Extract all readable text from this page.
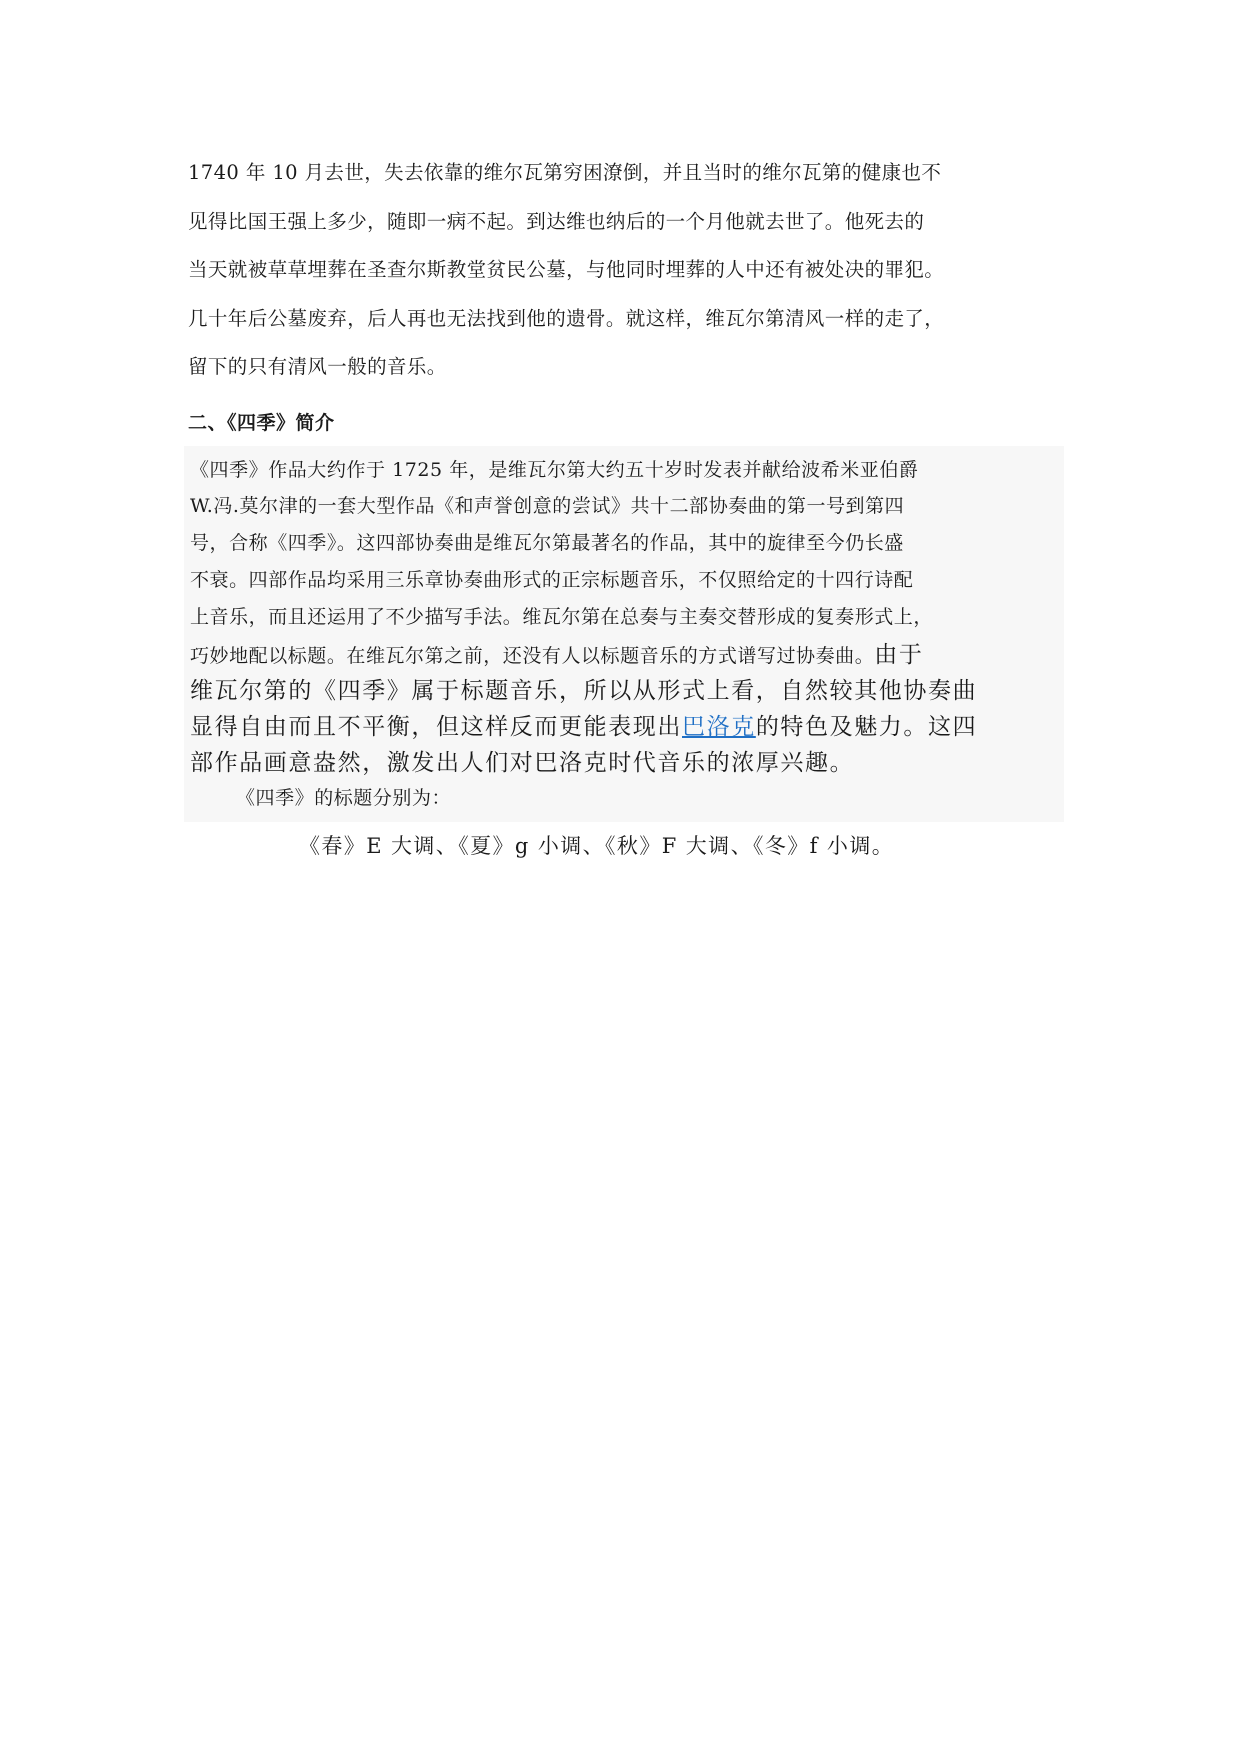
1740 年 10 月去世，失去依靠的维尔瓦第穷困潦倒，并且当时的维尔瓦第的健康也不
见得比国王强上多少，随即一病不起。到达维也纳后的一个月他就去世了。他死去的
当天就被草草埋葬在圣查尔斯教堂贫民公墓，与他同时埋葬的人中还有被处决的罪犯。
几十年后公墓废弃，后人再也无法找到他的遗骨。就这样，维瓦尔第清风一样的走了，
留下的只有清风一般的音乐。
二、《四季》简介
《四季》作品大约作于 1725 年，是维瓦尔第大约五十岁时发表并献给波希米亚伯爵
W.冯.莫尔津的一套大型作品《和声誉创意的尝试》共十二部协奏曲的第一号到第四
号，合称《四季》。这四部协奏曲是维瓦尔第最著名的作品，其中的旋律至今仍长盛
不衰。四部作品均采用三乐章协奏曲形式的正宗标题音乐，不仅照给定的十四行诗配
上音乐，而且还运用了不少描写手法。维瓦尔第在总奏与主奏交替形成的复奏形式上，
巧妙地配以标题。在维瓦尔第之前，还没有人以标题音乐的方式谱写过协奏曲。由于
维瓦尔第的《四季》属于标题音乐，所以从形式上看，自然较其他协奏曲
显得自由而且不平衡，但这样反而更能表现出巴洛克的特色及魅力。这四
部作品画意盎然，激发出人们对巴洛克时代音乐的浓厚兴趣。
《四季》的标题分别为：
《春》E 大调、《夏》g 小调、《秋》F 大调、《冬》f 小调。
